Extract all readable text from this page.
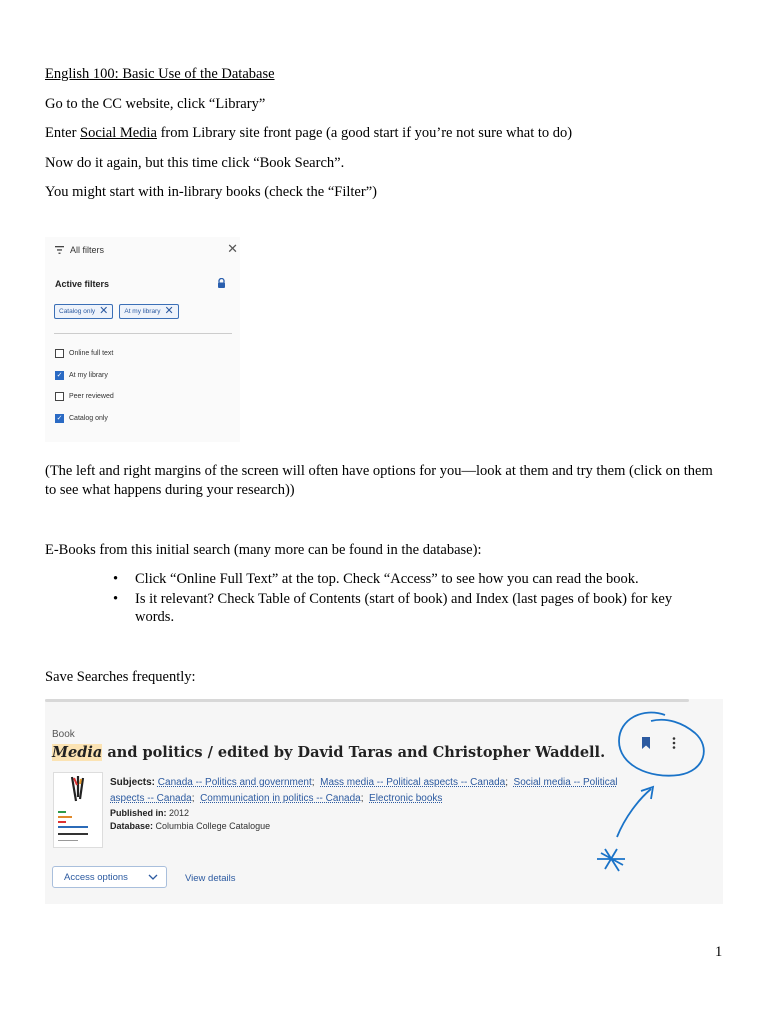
English 100: Basic Use of the Database
Go to the CC website, click “Library”
Enter Social Media from Library site front page (a good start if you’re not sure what to do)
Now do it again, but this time click “Book Search”.
You might start with in-library books (check the “Filter”)
All filters	✕
Active filters
Catalog only ✕ At my library ✕
Online full text
✓ At my library
Peer reviewed
✓ Catalog only
(The left and right margins of the screen will often have options for you—look at them and try them (click on them to see what happens during your research))
E-Books from this initial search (many more can be found in the database):
• Click “Online Full Text” at the top. Check “Access” to see how you can read the book.
• Is it relevant? Check Table of Contents (start of book) and Index (last pages of book) for key words.
Save Searches frequently:
Book
Media and politics / edited by David Taras and Christopher Waddell.
Subjects: Canada -- Politics and government;  Mass media -- Political aspects -- Canada;  Social media -- Political aspects -- Canada;  Communication in politics -- Canada;  Electronic books
Published in: 2012
Database: Columbia College Catalogue
Access options	View details
1
